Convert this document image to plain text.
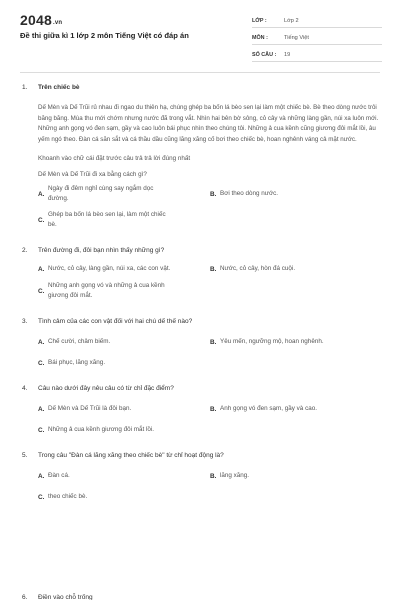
2048.vn
Đề thi giữa kì 1 lớp 2 môn Tiếng Việt có đáp án
LỚP :	Lớp 2
MÔN :	Tiếng Việt
SỐ CÂU :	19
1.	Trên chiếc bè
Dế Mèn và Dế Trũi rủ nhau đi ngao du thiên hạ, chúng ghép ba bốn lá bèo sen lại làm một chiếc bè. Bè theo dòng nước trôi băng băng. Mùa thu mới chớm nhưng nước đã trong vắt. Nhìn hai bên bờ sông, cỏ cây và những làng gần, núi xa luôn mới. Những anh gọng vó đen sạm, gầy và cao luôn bái phục nhìn theo chúng tôi. Những ả cua kềnh cũng giương đôi mắt lồi, âu yếm ngó theo. Đàn cá săn sắt và cá thầu dầu cũng lăng xăng cố bơi theo chiếc bè, hoan nghênh váng cả mặt nước.
Khoanh vào chữ cái đặt trước câu trả trả lời đúng nhất
Dế Mèn và Dế Trũi đi xa bằng cách gì?
A.
Ngày đi đêm nghỉ cùng say ngắm dọc đường.
B. Bơi theo dòng nước.
C.
Ghép ba bốn lá bèo sen lại, làm một chiếc bè.
2.	Trên đường đi, đôi bạn nhìn thấy những gì?
A. Nước, cỏ cây, làng gần, núi xa, các con vật.	B. Nước, cỏ cây, hòn đá cuội.
C.
Những anh gọng vó và những ả cua kềnh giương đôi mắt.
3.	Tình cảm của các con vật đối với hai chú dế thế nào?
A. Chế cười, châm biếm.	B. Yêu mến, ngưỡng mộ, hoan nghênh.
C. Bái phục, lăng xăng.
4.	Câu nào dưới đây nêu câu có từ chỉ đặc điểm?
A. Dế Mèn và Dế Trũi là đôi bạn.	B. Anh gọng vó đen sạm, gầy và cao.
C. Những ả cua kềnh giương đôi mắt lồi.
5.	Trong câu "Đàn cá lăng xăng theo chiếc bè" từ chỉ hoạt động là?
A. Đàn cá.	B. lăng xăng.
C. theo chiếc bè.
6.	Điền vào chỗ trống
